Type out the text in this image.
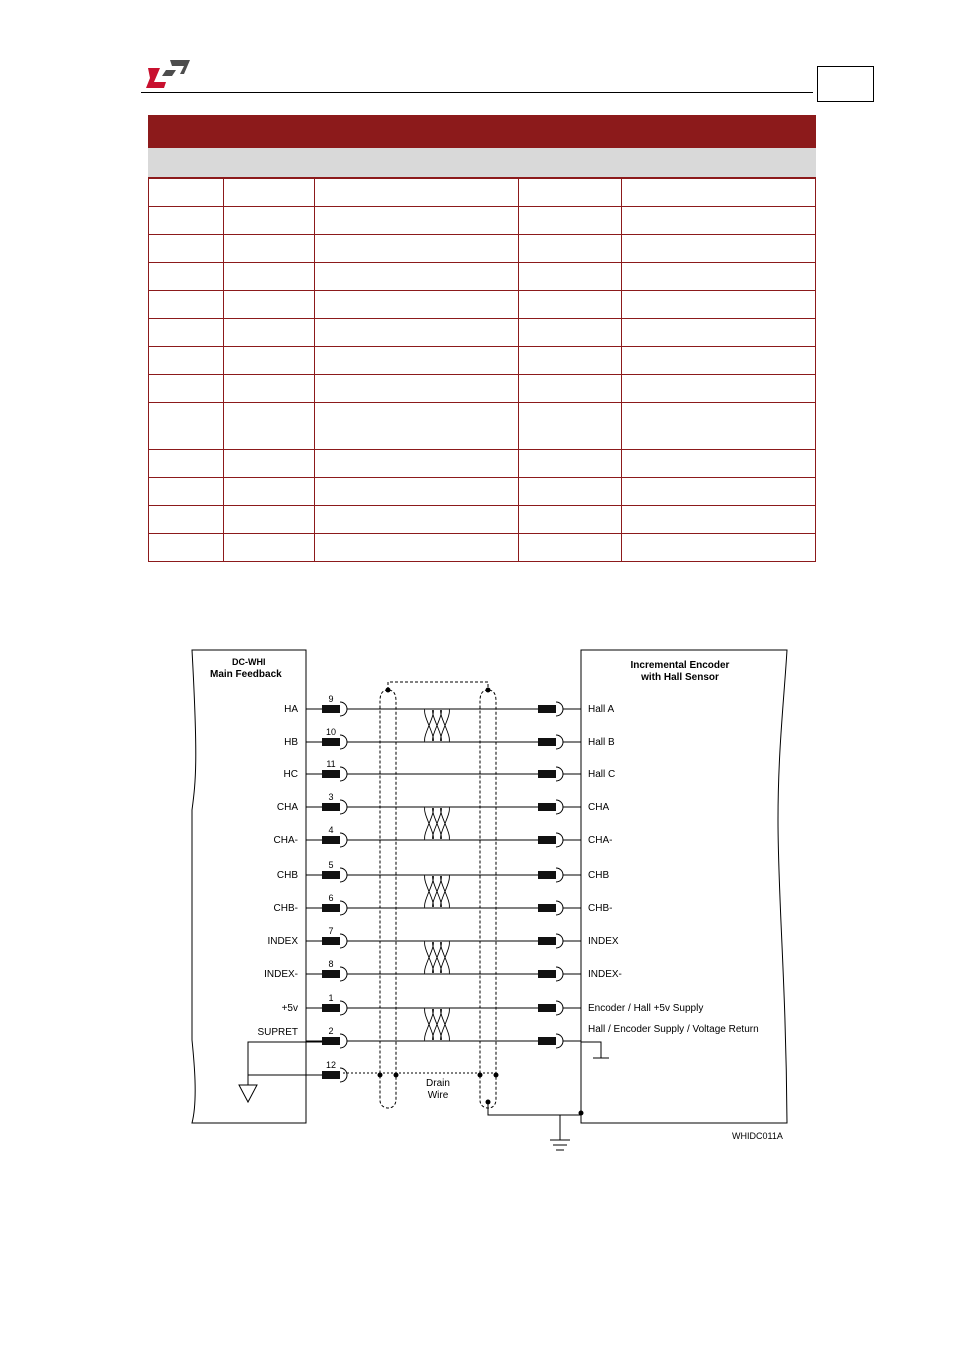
9
HA	Hall A
10
HB	Hall B
11
HC	Hall C
3
CHA	CHA
4
CHA-	CHA-
5
CHB	CHB
6
CHB-	CHB-
7
INDEX	INDEX
8
INDEX-	INDEX-
1
+5v	Encoder / Hall +5v Supply
2
SUPRET	Hall / Encoder Supply / Voltage Return
12
DC-WHI
Main Feedback
Incremental Encoder
with Hall Sensor
Drain
Wire
WHIDC011A
